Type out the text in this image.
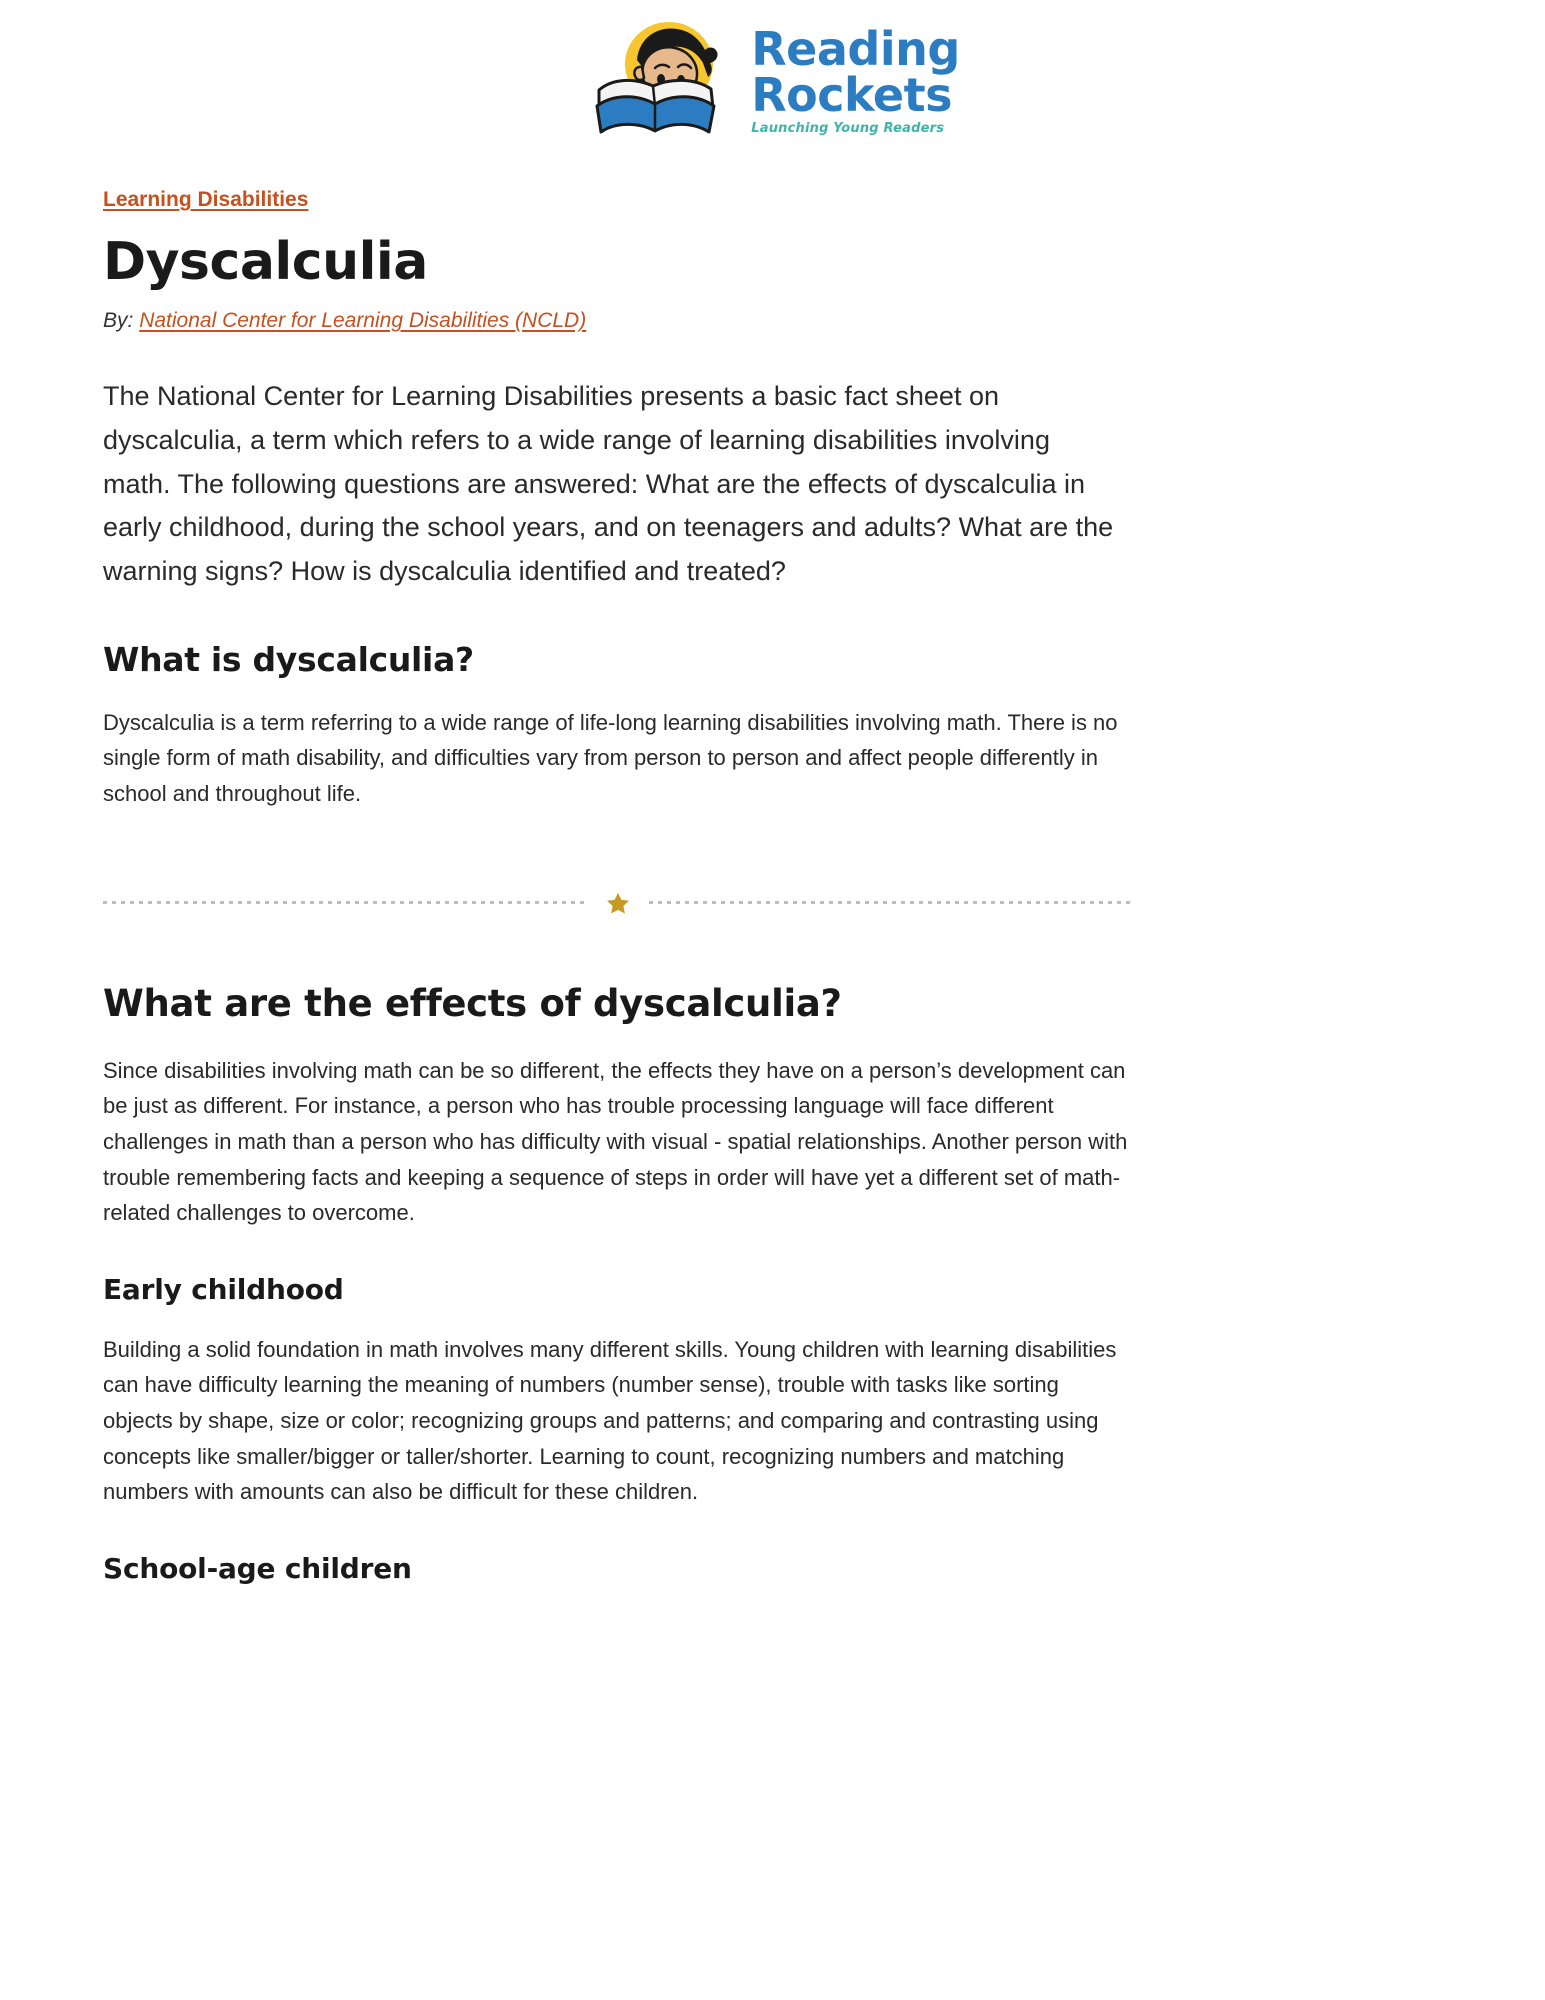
Reading
Rockets
Launching Young Readers
Learning Disabilities
Dyscalculia
By: National Center for Learning Disabilities (NCLD)

The National Center for Learning Disabilities presents a basic fact sheet on dyscalculia, a term which refers to a wide range of learning disabilities involving math. The following questions are answered: What are the effects of dyscalculia in early childhood, during the school years, and on teenagers and adults? What are the warning signs? How is dyscalculia identified and treated?

What is dyscalculia?

Dyscalculia is a term referring to a wide range of life-long learning disabilities involving math. There is no single form of math disability, and difficulties vary from person to person and affect people differently in school and throughout life.

What are the effects of dyscalculia?

Since disabilities involving math can be so different, the effects they have on a person’s development can be just as different. For instance, a person who has trouble processing language will face different challenges in math than a person who has difficulty with visual - spatial relationships. Another person with trouble remembering facts and keeping a sequence of steps in order will have yet a different set of math-related challenges to overcome.

Early childhood

Building a solid foundation in math involves many different skills. Young children with learning disabilities can have difficulty learning the meaning of numbers (number sense), trouble with tasks like sorting objects by shape, size or color; recognizing groups and patterns; and comparing and contrasting using concepts like smaller/bigger or taller/shorter. Learning to count, recognizing numbers and matching numbers with amounts can also be difficult for these children.

School-age children
